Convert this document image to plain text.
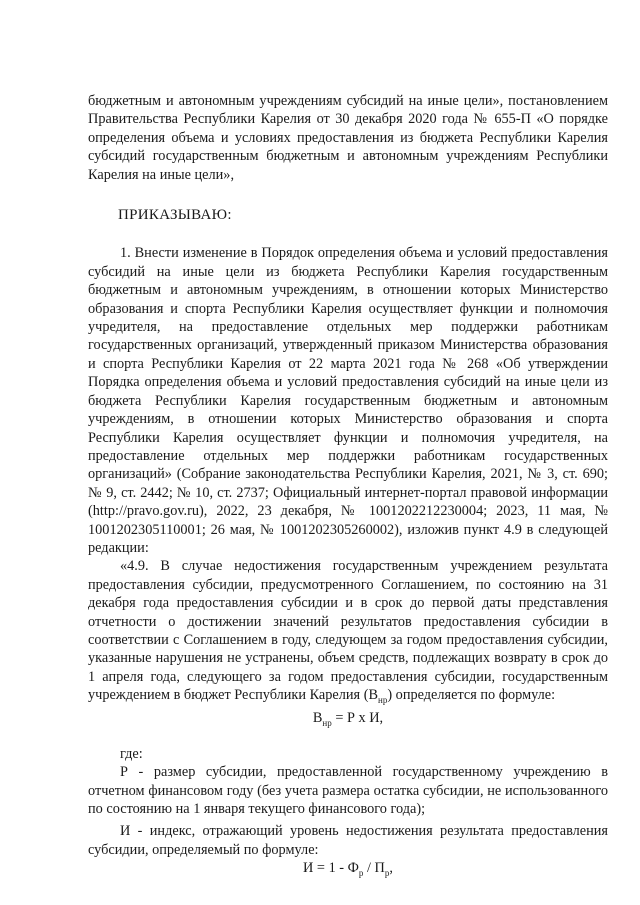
бюджетным и автономным учреждениям субсидий на иные цели», постановлением Правительства Республики Карелия от 30 декабря 2020 года № 655-П «О порядке определения объема и условиях предоставления из бюджета Республики Карелия субсидий государственным бюджетным и автономным учреждениям Республики Карелия на иные цели»,

ПРИКАЗЫВАЮ:

1. Внести изменение в Порядок определения объема и условий предоставления субсидий на иные цели из бюджета Республики Карелия государственным бюджетным и автономным учреждениям, в отношении которых Министерство образования и спорта Республики Карелия осуществляет функции и полномочия учредителя, на предоставление отдельных мер поддержки работникам государственных организаций, утвержденный приказом Министерства образования и спорта Республики Карелия от 22 марта 2021 года № 268 «Об утверждении Порядка определения объема и условий предоставления субсидий на иные цели из бюджета Республики Карелия государственным бюджетным и автономным учреждениям, в отношении которых Министерство образования и спорта Республики Карелия осуществляет функции и полномочия учредителя, на предоставление отдельных мер поддержки работникам государственных организаций» (Собрание законодательства Республики Карелия, 2021, № 3, ст. 690; № 9, ст. 2442; № 10, ст. 2737; Официальный интернет-портал правовой информации (http://pravo.gov.ru), 2022, 23 декабря, № 1001202212230004; 2023, 11 мая, № 1001202305110001; 26 мая, № 1001202305260002), изложив пункт 4.9 в следующей редакции:

«4.9. В случае недостижения государственным учреждением результата предоставления субсидии, предусмотренного Соглашением, по состоянию на 31 декабря года предоставления субсидии и в срок до первой даты представления отчетности о достижении значений результатов предоставления субсидии в соответствии с Соглашением в году, следующем за годом предоставления субсидии, указанные нарушения не устранены, объем средств, подлежащих возврату в срок до 1 апреля года, следующего за годом предоставления субсидии, государственным учреждением в бюджет Республики Карелия $(В_{нр})$ определяется по формуле:

$В_{нр} = Р$ х И,

где:

Р - размер субсидии, предоставленной государственному учреждению в отчетном финансовом году (без учета размера остатка субсидии, не использованного по состоянию на 1 января текущего финансового года);

И - индекс, отражающий уровень недостижения результата предоставления субсидии, определяемый по формуле:

$И = 1 - Ф_р / П_р$,
